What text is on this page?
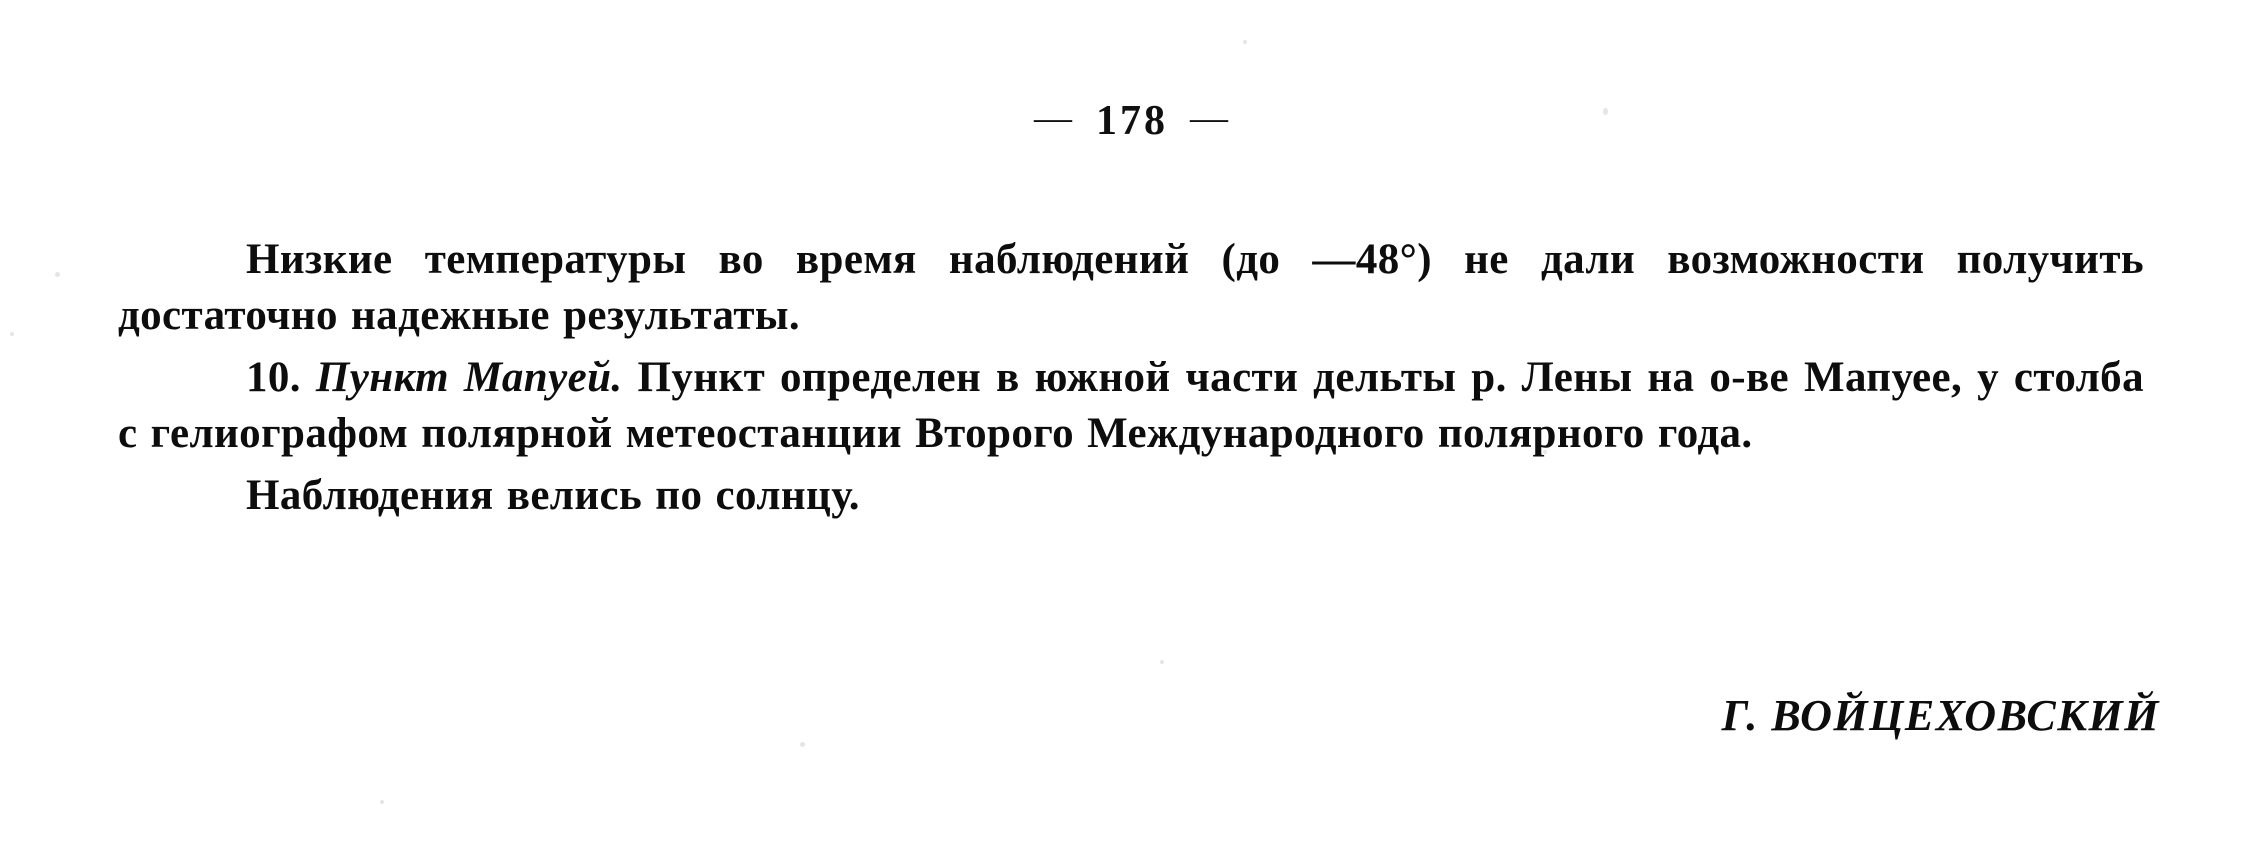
— 178 —

Низкие температуры во время наблюдений (до —48°) не дали возможности получить достаточно надежные результаты.

10. Пункт Мапуей. Пункт определен в южной части дельты р. Лены на о-ве Мапуее, у столба с гелиографом полярной метеостанции Второго Международного полярного года.

Наблюдения велись по солнцу.

Г. ВОЙЦЕХОВСКИЙ
